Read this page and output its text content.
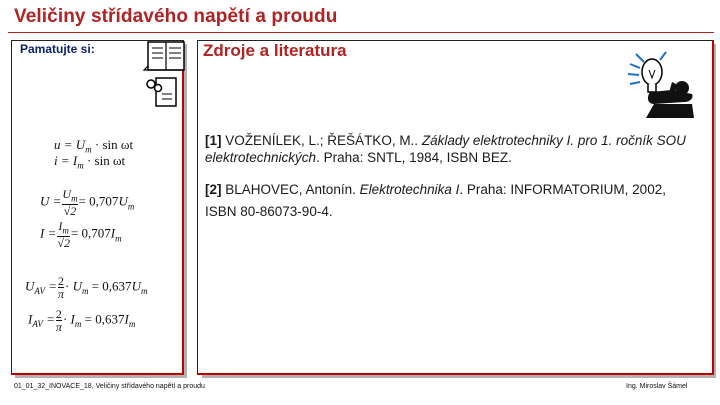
Veličiny střídavého napětí a proudu
Pamatujte si:
$u = U_m \cdot \sin \omega t$
$i = I_m \cdot \sin \omega t$
$U = \frac{U_m}{√2} = 0,707U_m$
$I = \frac{I_m}{√2} = 0,707I_m$
$U_{AV} = \frac{2}{\pi} \cdot U_m = 0,637U_m$
$I_{AV} = \frac{2}{\pi} \cdot I_m = 0,637I_m$
Zdroje a literatura
[1] VOŽENÍLEK, L.; ŘEŠÁTKO, M.. Základy elektrotechniky I. pro 1. ročník SOU elektrotechnických. Praha: SNTL, 1984, ISBN BEZ.
[2] BLAHOVEC, Antonín. Elektrotechnika I. Praha: INFORMATORIUM, 2002, ISBN 80-86073-90-4.
01_01_32_INOVACE_18, Veličiny střídavého napětí a proudu	Ing. Miroslav Šámel
